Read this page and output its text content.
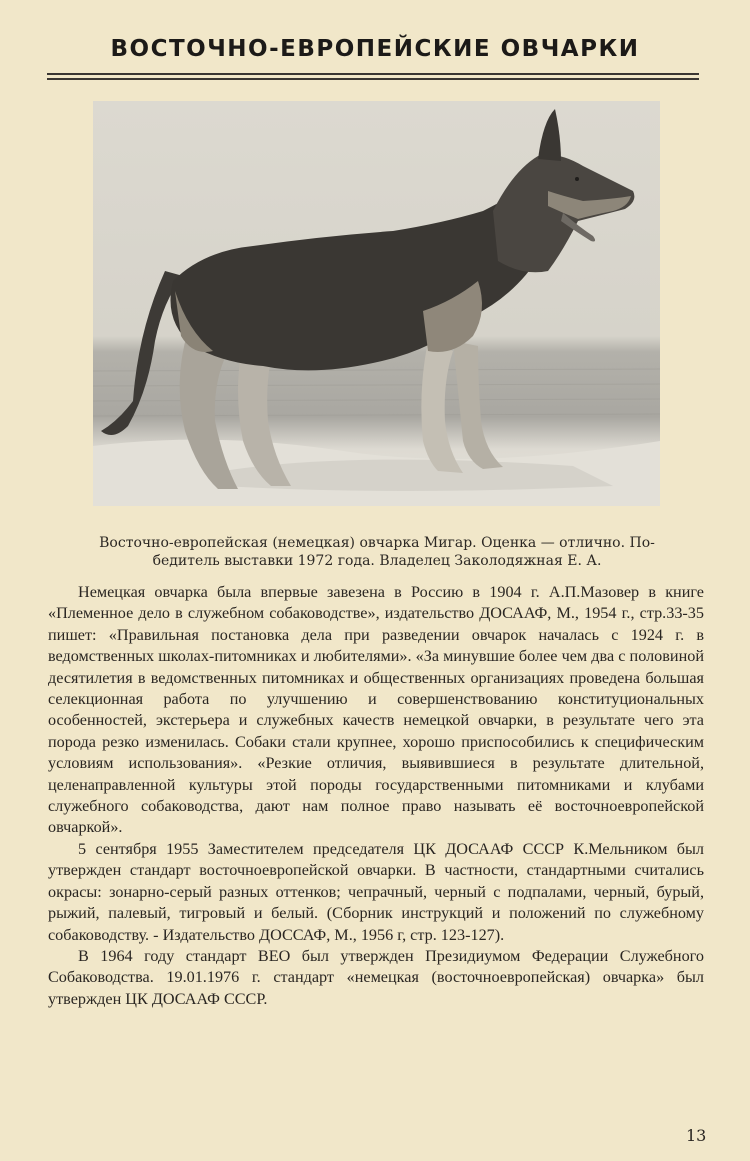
ВОСТОЧНО-ЕВРОПЕЙСКИЕ ОВЧАРКИ
Восточно-европейская (немецкая) овчарка Мигар. Оценка — отлично. По-
бедитель выставки 1972 года. Владелец Заколодяжная Е. А.

Немецкая овчарка была впервые завезена в Россию в 1904 г. А.П.Мазовер в книге «Племенное дело в служебном собаководстве», издательство ДОСААФ, М., 1954 г., стр.33-35 пишет: «Правильная постановка дела при разведении овчарок началась с 1924 г. в ведомственных школах-питомниках и любителями». «За минувшие более чем два с половиной десятилетия в ведомственных питомниках и общественных организациях проведена большая селекционная работа по улучшению и совершенствованию конституциональных особенностей, экстерьера и служебных качеств немецкой овчарки, в результате чего эта порода резко изменилась. Собаки стали крупнее, хорошо приспособились к специфическим условиям использования». «Резкие отличия, выявившиеся в результате длительной, целенаправленной культуры этой породы государственными питомниками и клубами служебного собаководства, дают нам полное право называть её восточноевропейской овчаркой».

5 сентября 1955 Заместителем председателя ЦК ДОСААФ СССР К.Мельником был утвержден стандарт восточноевропейской овчарки. В частности, стандартными считались окрасы: зонарно-серый разных оттенков; чепрачный, черный с подпалами, черный, бурый, рыжий, палевый, тигровый и белый. (Сборник инструкций и положений по служебному собаководству. - Издательство ДОССАФ, М., 1956 г, стр. 123-127).

В 1964 году стандарт ВЕО был утвержден Президиумом Федерации Служебного Собаководства. 19.01.1976 г. стандарт «немецкая (восточноевропейская) овчарка» был утвержден ЦК ДОСААФ СССР.

13
